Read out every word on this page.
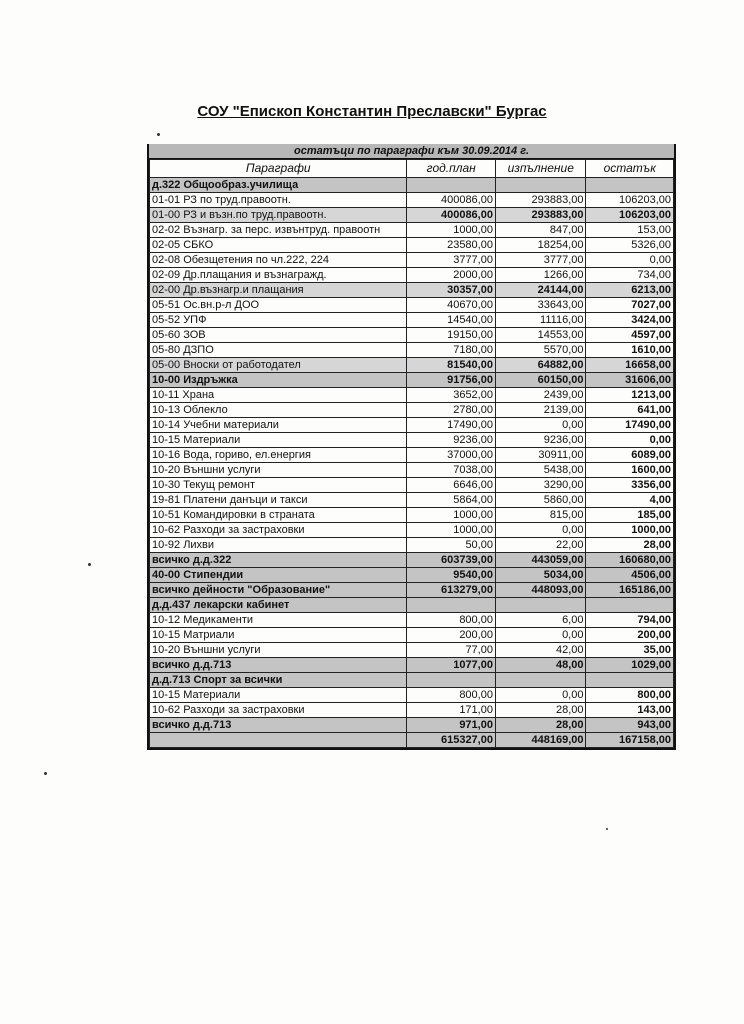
СОУ "Епископ Константин Преславски" Бургас
остатъци по параграфи към 30.09.2014 г.
Параграфи	год.план	изпълнение	остатък
д.322 Общообраз.училища			
01-01 РЗ по труд.правоотн.	400086,00	293883,00	106203,00
01-00 РЗ и възн.по труд.правоотн.	400086,00	293883,00	106203,00
02-02 Възнагр. за перс. извънтруд. правоотн	1000,00	847,00	153,00
02-05 СБКО	23580,00	18254,00	5326,00
02-08 Обезщетения по чл.222, 224	3777,00	3777,00	0,00
02-09 Др.плащания и възнагражд.	2000,00	1266,00	734,00
02-00 Др.възнагр.и плащания	30357,00	24144,00	6213,00
05-51 Ос.вн.р-л ДОО	40670,00	33643,00	7027,00
05-52 УПФ	14540,00	11116,00	3424,00
05-60 ЗОВ	19150,00	14553,00	4597,00
05-80 ДЗПО	7180,00	5570,00	1610,00
05-00 Вноски от работодател	81540,00	64882,00	16658,00
10-00 Издръжка	91756,00	60150,00	31606,00
10-11 Храна	3652,00	2439,00	1213,00
10-13 Облекло	2780,00	2139,00	641,00
10-14 Учебни материали	17490,00	0,00	17490,00
10-15 Материали	9236,00	9236,00	0,00
10-16 Вода, гориво, ел.енергия	37000,00	30911,00	6089,00
10-20 Външни услуги	7038,00	5438,00	1600,00
10-30 Текущ ремонт	6646,00	3290,00	3356,00
19-81 Платени данъци и такси	5864,00	5860,00	4,00
10-51 Командировки в страната	1000,00	815,00	185,00
10-62 Разходи за застраховки	1000,00	0,00	1000,00
10-92 Лихви	50,00	22,00	28,00
всичко д.д.322	603739,00	443059,00	160680,00
40-00 Стипендии	9540,00	5034,00	4506,00
всичко дейности "Образование"	613279,00	448093,00	165186,00
д.д.437 лекарски кабинет			
10-12 Медикаменти	800,00	6,00	794,00
10-15 Матриали	200,00	0,00	200,00
10-20 Външни услуги	77,00	42,00	35,00
всичко д.д.713	1077,00	48,00	1029,00
д.д.713 Спорт за всички			
10-15 Материали	800,00	0,00	800,00
10-62 Разходи за застраховки	171,00	28,00	143,00
всичко д.д.713	971,00	28,00	943,00
	615327,00	448169,00	167158,00
